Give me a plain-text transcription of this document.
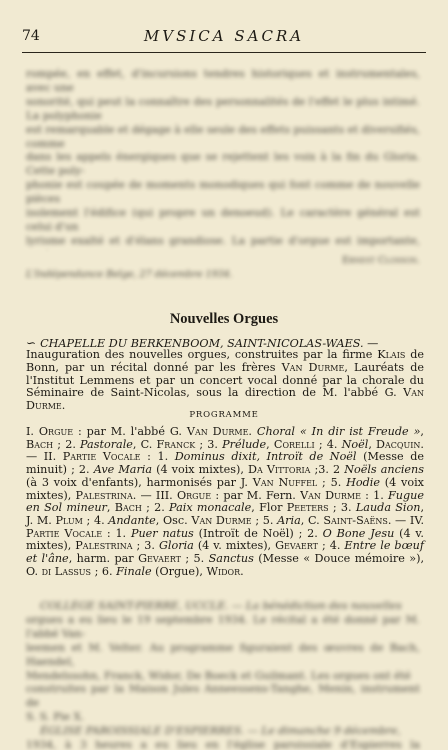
74	MVSICA SACRA
rompée, en effet, d'incursions tendres historiques et instrumentales, avec une
sonorité, qui peut la connaître des personnalités de l'effet le plus intimé. La polyphonie
est remarquable et dégage à elle seule des effets puissants et diversifiés, comme
dans les appels énergiques que se rejettent les voix à la fin du Gloria. Cette poly-
phonie est coupée de moments monodiques qui font comme de nouvelle pièces
isolement l'édifice (qui propre un denoeud). Le caractère général est celui d'un
lyrisme exalté et d'élans grandiose. La partie d'orgue est importante,
Ernest Closson.
L'Indépendance Belge, 27 décembre 1934.
Nouvelles Orgues
∽ CHAPELLE DU BERKENBOOM, SAINT-NICOLAS-WAES. —
Inauguration des nouvelles orgues, construites par la firme Klais de Bonn, par un récital donné par les frères Van Durme, Lauréats de l'Institut Lemmens et par un concert vocal donné par la chorale du Séminaire de Saint-Nicolas, sous la direction de M. l'abbé G. Van Durme.
PROGRAMME
I. Orgue : par M. l'abbé G. Van Durme. Choral « In dir ist Freude », Bach ; 2. Pastorale, C. Franck ; 3. Prélude, Corelli ; 4. Noël, Dacquin. — II. Partie Vocale : 1. Dominus dixit, Introït de Noël (Messe de minuit) ; 2. Ave Maria (4 voix mixtes), Da Vittoria ;3. 2 Noëls anciens (à 3 voix d'enfants), harmonisés par J. Van Nuffel ; 5. Hodie (4 voix mixtes), Palestrina. — III. Orgue : par M. Fern. Van Durme : 1. Fugue en Sol mineur, Bach ; 2. Paix monacale, Flor Peeters ; 3. Lauda Sion, J. M. Plum ; 4. Andante, Osc. Van Durme ; 5. Aria, C. Saint-Saëns. — IV. Partie Vocale : 1. Puer natus (Introït de Noël) ; 2. O Bone Jesu (4 v. mixtes), Palestrina ; 3. Gloria (4 v. mixtes), Gevaert ; 4. Entre le bœuf et l'âne, harm. par Gevaert ; 5. Sanctus (Messe « Douce mémoire »), O. di Lassus ; 6. Finale (Orgue), Widor.
COLLÈGE SAINT-PIERRE, UCCLE. — La bénédiction des nouvelles
orgues a eu lieu le 19 septembre 1934. Le récital a été donné par M. l'abbé Van-
leemen et M. Velter. Au programme figuraient des œuvres de Bach, Haendel,
Mendelssohn, Franck, Widor, De Boeck et Guilmant. Les orgues ont été
construites par la Maison Jules Anneessens-Tanghe, Menin, instrument de
S. S. Pie X.
ÉGLISE PAROISSIALE D'ESPIERRES. — Le dimanche 9 décembre,
1934, à 3 heures a eu lieu en l'église paroissiale d'Espierres la
